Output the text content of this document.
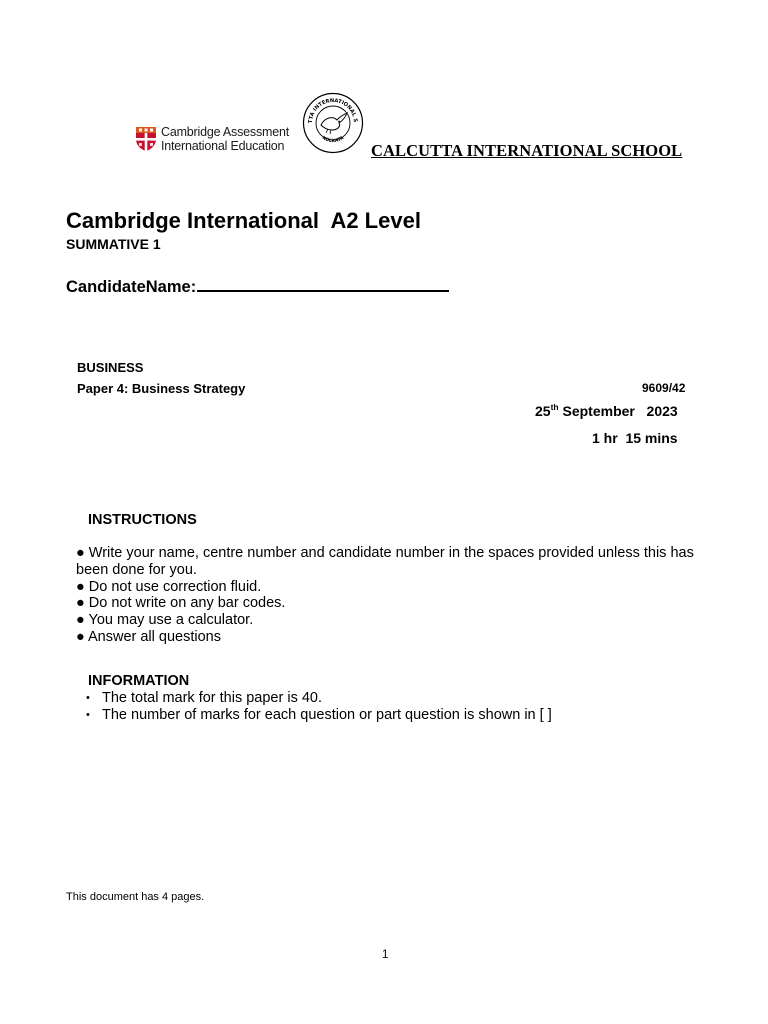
Cambridge Assessment
International Education
TTA INTERNATIONAL S
KOLKATA
CALCUTTA INTERNATIONAL SCHOOL
Cambridge International  A2 Level
SUMMATIVE 1
CandidateName:
BUSINESS
Paper 4: Business Strategy	9609/42
25th September   2023
1 hr  15 mins
INSTRUCTIONS
● Write your name, centre number and candidate number in the spaces provided unless this has been done for you.
● Do not use correction fluid.
● Do not write on any bar codes.
● You may use a calculator.
● Answer all questions
INFORMATION
• The total mark for this paper is 40.
• The number of marks for each question or part question is shown in [ ]
This document has 4 pages.
1
